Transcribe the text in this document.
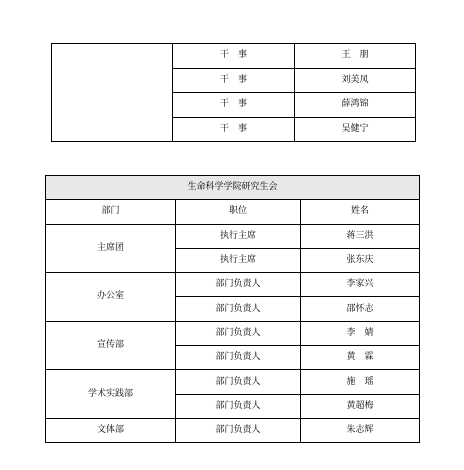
	干　事	王　朋
	干　事	刘美凤
	干　事	薛鸿锦
	干　事	吴健宁
生命科学学院研究生会		
部门	职位	姓名
主席团	执行主席	蒋三洪
	执行主席	张东庆
办公室	部门负责人	李家兴
	部门负责人	邵怀志
宣传部	部门负责人	李　婧
	部门负责人	黄　霖
学术实践部	部门负责人	施　瑶
	部门负责人	黄超梅
文体部	部门负责人	朱志辉
